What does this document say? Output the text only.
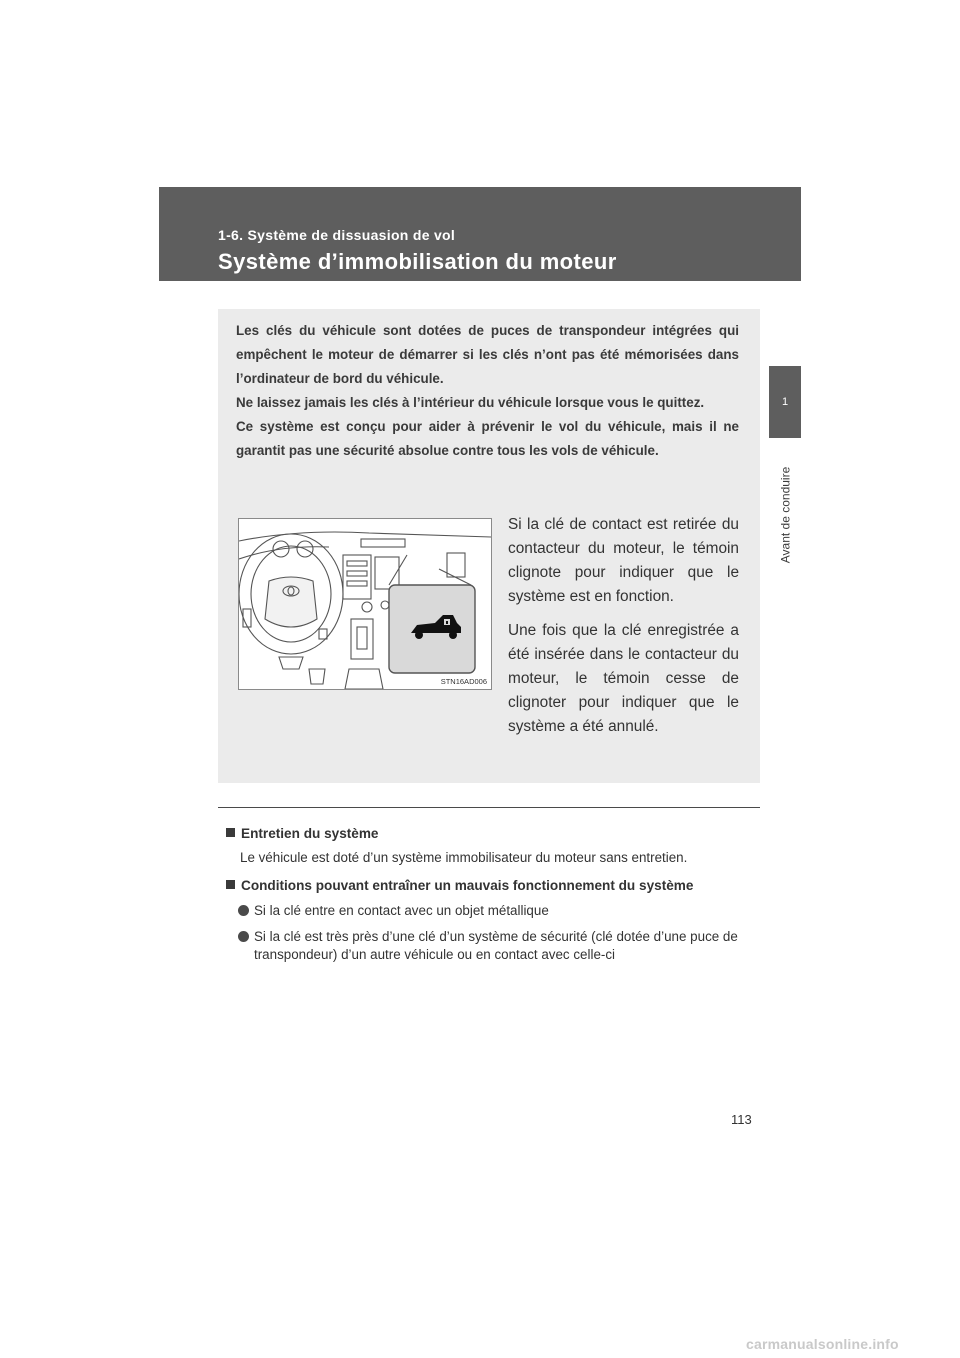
1-6. Système de dissuasion de vol
Système d’immobilisation du moteur
1
Avant de conduire

Les clés du véhicule sont dotées de puces de transpondeur intégrées qui empêchent le moteur de démarrer si les clés n’ont pas été mémorisées dans l’ordinateur de bord du véhicule.

Ne laissez jamais les clés à l’intérieur du véhicule lorsque vous le quittez.

Ce système est conçu pour aider à prévenir le vol du véhicule, mais il ne garantit pas une sécurité absolue contre tous les vols de véhicule.

STN16AD006

Si la clé de contact est retirée du contacteur du moteur, le témoin clignote pour indiquer que le système est en fonction.

Une fois que la clé enregistrée a été insérée dans le contacteur du moteur, le témoin cesse de clignoter pour indiquer que le système a été annulé.

Entretien du système

Le véhicule est doté d’un système immobilisateur du moteur sans entretien.

Conditions pouvant entraîner un mauvais fonctionnement du système

Si la clé entre en contact avec un objet métallique
Si la clé est très près d’une clé d’un système de sécurité (clé dotée d’une puce de transpondeur) d’un autre véhicule ou en contact avec celle-ci
113
carmanualsonline.info
